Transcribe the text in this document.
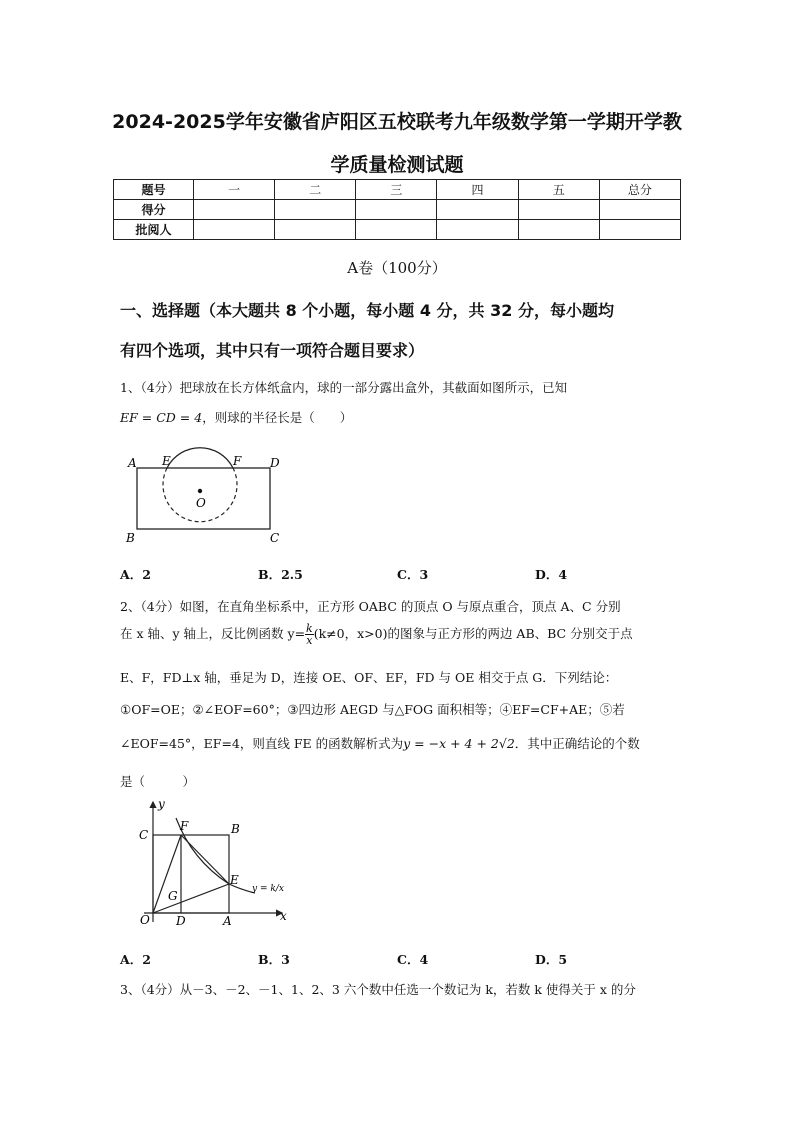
2024-2025学年安徽省庐阳区五校联考九年级数学第一学期开学教
学质量检测试题
题号	一	二	三	四	五	总分
得分						
批阅人						
A卷（100分）
一、选择题（本大题共 8 个小题，每小题 4 分，共 32 分，每小题均
有四个选项，其中只有一项符合题目要求）
1、（4分）把球放在长方体纸盒内，球的一部分露出盒外，其截面如图所示，已知
EF = CD = 4，则球的半径长是（　　）
A E	F D
B	C
O
A．2	B．2.5	C．3	D．4
2、（4分）如图，在直角坐标系中，正方形 OABC 的顶点 O 与原点重合，顶点 A、C 分别
在 x 轴、y 轴上，反比例函数 $y= \frac{k}{x} (k\ne 0$，x>0)的图象与正方形的两边 AB、BC 分别交于点
E、F，FD⊥x 轴，垂足为 D，连接 OE、OF、EF，FD 与 OE 相交于点 G．下列结论：
①OF=OE；②∠EOF=60°；③四边形 AEGD 与△FOG 面积相等；④EF=CF+AE；⑤若
∠EOF=45°，EF=4，则直线 FE 的函数解析式为y = −x + 4 + 2√2．其中正确结论的个数
是（　　　）
y
C
F	B
E
G
O D	A	x
y = k/x
A．2	B．3	C．4	D．5
3、（4分）从－3、－2、－1、1、2、3 六个数中任选一个数记为 k，若数 k 使得关于 x 的分
